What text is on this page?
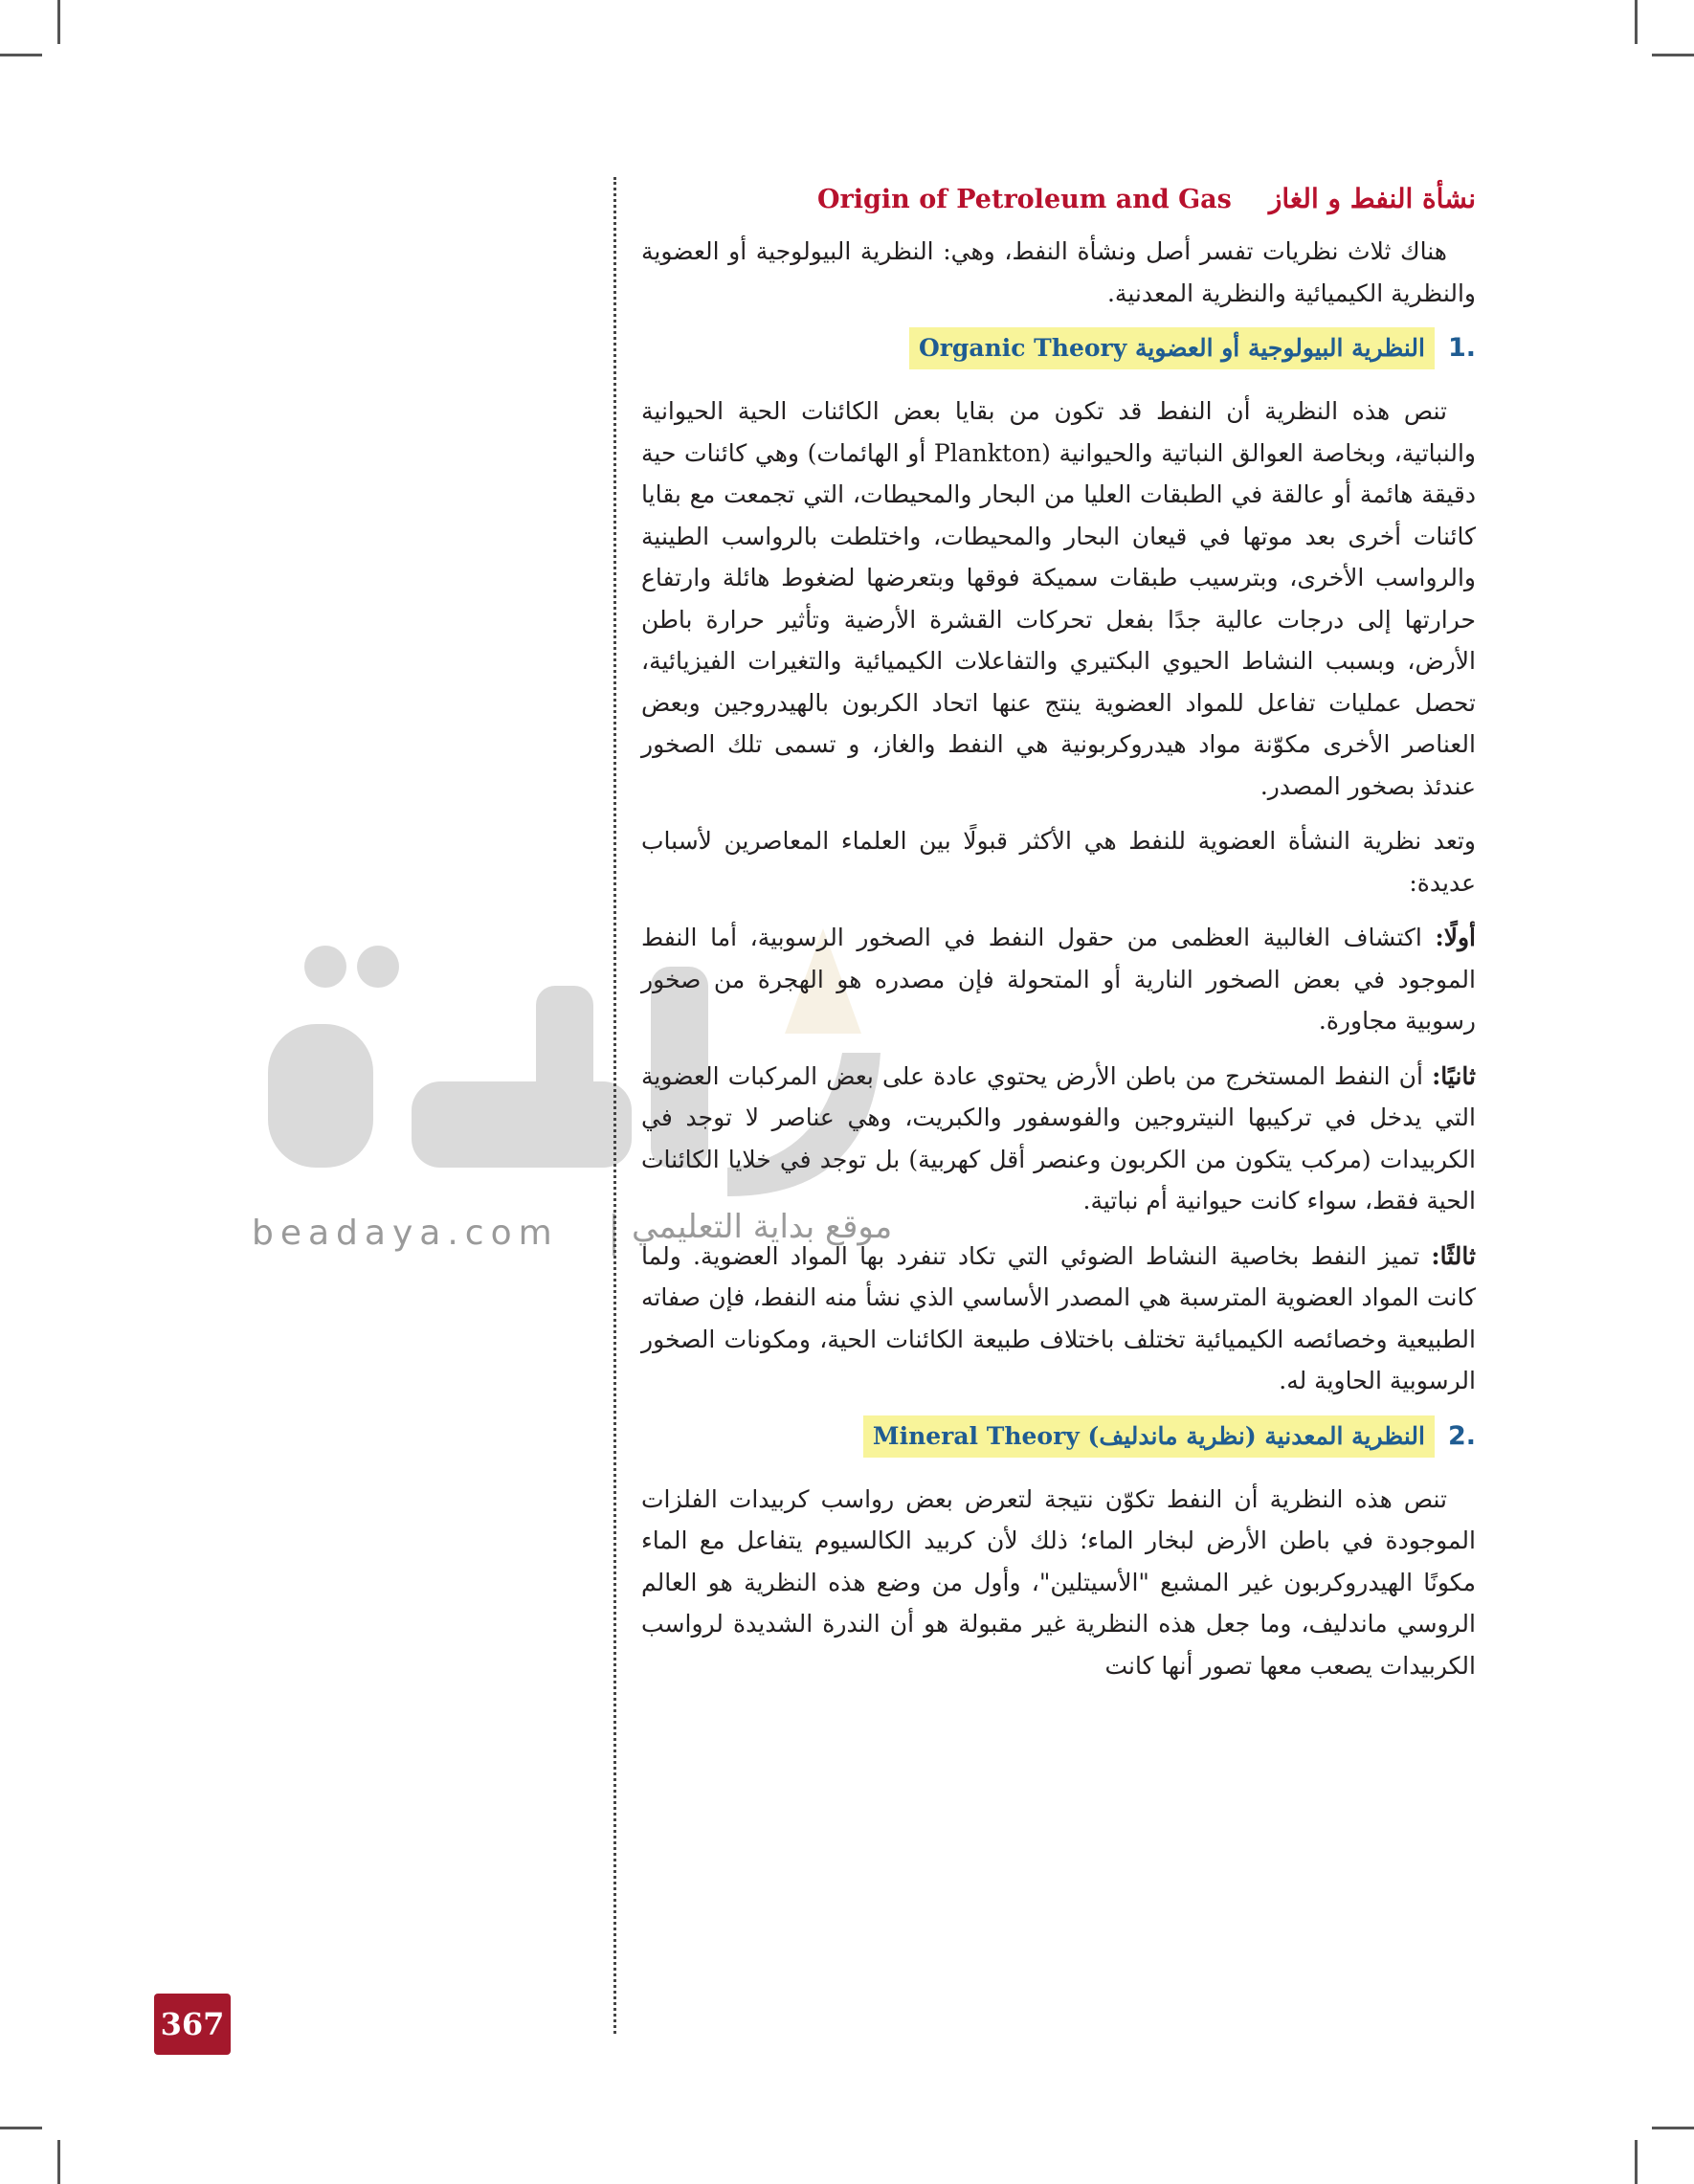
beadaya.com موقع بداية التعليمي
نشأة النفط و الغاز    Origin of Petroleum and Gas

هناك ثلاث نظريات تفسر أصل ونشأة النفط، وهي: النظرية البيولوجية أو العضوية والنظرية الكيميائية والنظرية المعدنية.

.1
النظرية البيولوجية أو العضوية Organic Theory

تنص هذه النظرية أن النفط قد تكون من بقايا بعض الكائنات الحية الحيوانية والنباتية، وبخاصة العوالق النباتية والحيوانية (Plankton أو الهائمات) وهي كائنات حية دقيقة هائمة أو عالقة في الطبقات العليا من البحار والمحيطات، التي تجمعت مع بقايا كائنات أخرى بعد موتها في قيعان البحار والمحيطات، واختلطت بالرواسب الطينية والرواسب الأخرى، وبترسيب طبقات سميكة فوقها وبتعرضها لضغوط هائلة وارتفاع حرارتها إلى درجات عالية جدًا بفعل تحركات القشرة الأرضية وتأثير حرارة باطن الأرض، وبسبب النشاط الحيوي البكتيري والتفاعلات الكيميائية والتغيرات الفيزيائية، تحصل عمليات تفاعل للمواد العضوية ينتج عنها اتحاد الكربون بالهيدروجين وبعض العناصر الأخرى مكوّنة مواد هيدروكربونية هي النفط والغاز، و تسمى تلك الصخور عندئذ بصخور المصدر.

وتعد نظرية النشأة العضوية للنفط هي الأكثر قبولًا بين العلماء المعاصرين لأسباب عديدة:

أولًا: اكتشاف الغالبية العظمى من حقول النفط في الصخور الرسوبية، أما النفط الموجود في بعض الصخور النارية أو المتحولة فإن مصدره هو الهجرة من صخور رسوبية مجاورة.

ثانيًا: أن النفط المستخرج من باطن الأرض يحتوي عادة على بعض المركبات العضوية التي يدخل في تركيبها النيتروجين والفوسفور والكبريت، وهي عناصر لا توجد في الكربيدات (مركب يتكون من الكربون وعنصر أقل كهربية) بل توجد في خلايا الكائنات الحية فقط، سواء كانت حيوانية أم نباتية.

ثالثًا: تميز النفط بخاصية النشاط الضوئي التي تكاد تنفرد بها المواد العضوية. ولما كانت المواد العضوية المترسبة هي المصدر الأساسي الذي نشأ منه النفط، فإن صفاته الطبيعية وخصائصه الكيميائية تختلف باختلاف طبيعة الكائنات الحية، ومكونات الصخور الرسوبية الحاوية له.

.2
النظرية المعدنية (نظرية ماندليف) Mineral Theory

تنص هذه النظرية أن النفط تكوّن نتيجة لتعرض بعض رواسب كربيدات الفلزات الموجودة في باطن الأرض لبخار الماء؛ ذلك لأن كربيد الكالسيوم يتفاعل مع الماء مكونًا الهيدروكربون غير المشبع "الأسيتلين"، وأول من وضع هذه النظرية هو العالم الروسي ماندليف، وما جعل هذه النظرية غير مقبولة هو أن الندرة الشديدة لرواسب الكربيدات يصعب معها تصور أنها كانت

367
